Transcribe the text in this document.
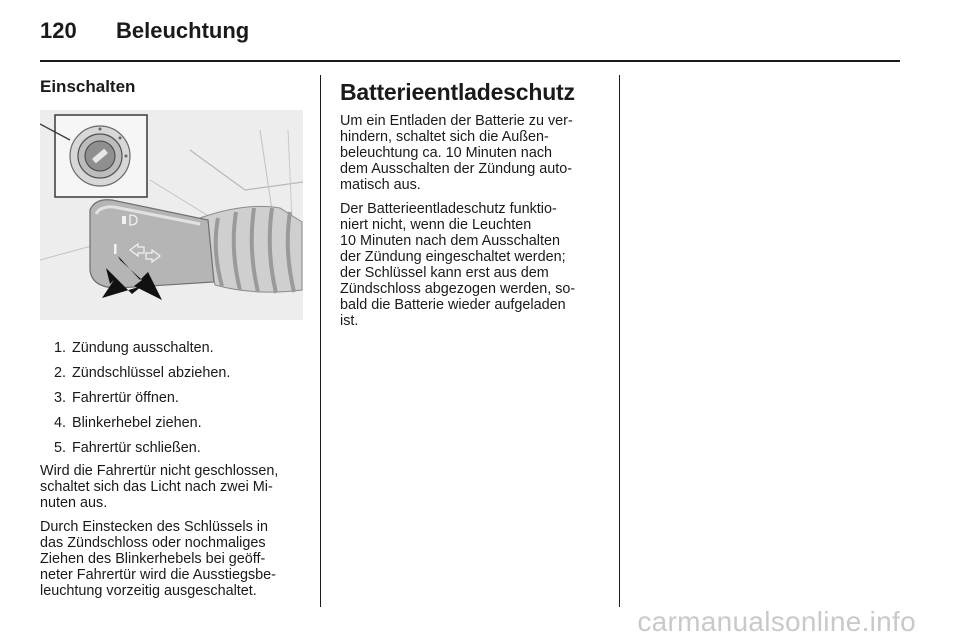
120 Beleuchtung
Einschalten
1. Zündung ausschalten.
2. Zündschlüssel abziehen.
3. Fahrertür öffnen.
4. Blinkerhebel ziehen.
5. Fahrertür schließen.

Wird die Fahrertür nicht geschlossen,
schaltet sich das Licht nach zwei Mi-
nuten aus.

Durch Einstecken des Schlüssels in
das Zündschloss oder nochmaliges
Ziehen des Blinkerhebels bei geöff-
neter Fahrertür wird die Ausstiegsbe-
leuchtung vorzeitig ausgeschaltet.

Batterieentladeschutz

Um ein Entladen der Batterie zu ver-
hindern, schaltet sich die Außen-
beleuchtung ca. 10 Minuten nach
dem Ausschalten der Zündung auto-
matisch aus.

Der Batterieentladeschutz funktio-
niert nicht, wenn die Leuchten
10 Minuten nach dem Ausschalten
der Zündung eingeschaltet werden;
der Schlüssel kann erst aus dem
Zündschloss abgezogen werden, so-
bald die Batterie wieder aufgeladen
ist.

carmanualsonline.info
